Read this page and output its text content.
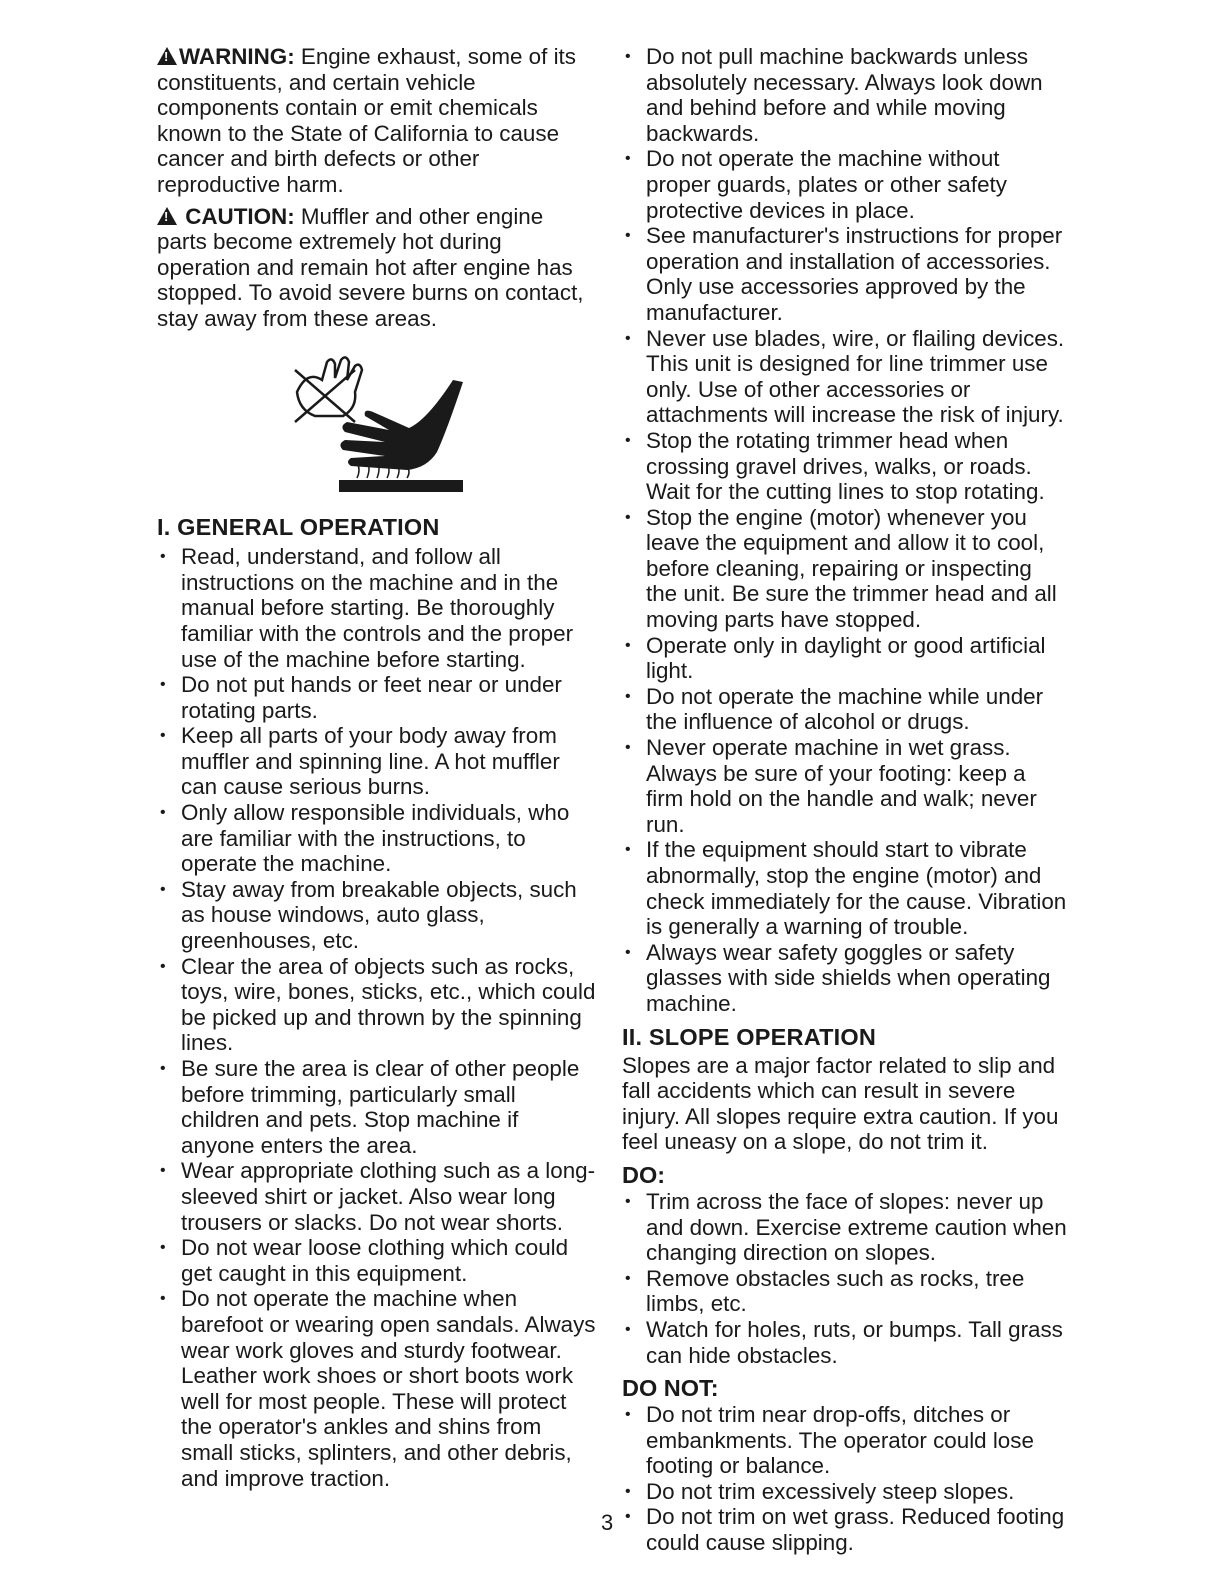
!WARNING: Engine exhaust, some of its constituents, and certain vehicle components contain or emit chemicals known to the State of California to cause cancer and birth defects or other reproductive harm.

! CAUTION: Muffler and other engine parts become extremely hot during operation and remain hot after engine has stopped. To avoid severe burns on contact, stay away from these areas.

I. GENERAL OPERATION
• Read, understand, and follow all instructions on the machine and in the manual before starting. Be thoroughly familiar with the controls and the proper use of the machine before starting.
• Do not put hands or feet near or under rotating parts.
• Keep all parts of your body away from muffler and spinning line. A hot muffler can cause serious burns.
• Only allow responsible individuals, who are familiar with the instructions, to operate the machine.
• Stay away from breakable objects, such as house windows, auto glass, greenhouses, etc.
• Clear the area of objects such as rocks, toys, wire, bones, sticks, etc., which could be picked up and thrown by the spinning lines.
• Be sure the area is clear of other people before trimming, particularly small children and pets. Stop machine if anyone enters the area.
• Wear appropriate clothing such as a long-sleeved shirt or jacket. Also wear long trousers or slacks. Do not wear shorts.
• Do not wear loose clothing which could get caught in this equipment.
• Do not operate the machine when barefoot or wearing open sandals. Always wear work gloves and sturdy footwear. Leather work shoes or short boots work well for most people. These will protect the operator's ankles and shins from small sticks, splinters, and other debris, and improve traction.
• Do not pull machine backwards unless absolutely necessary. Always look down and behind before and while moving backwards.
• Do not operate the machine without proper guards, plates or other safety protective devices in place.
• See manufacturer's instructions for proper operation and installation of accessories. Only use accessories approved by the manufacturer.
• Never use blades, wire, or flailing devices. This unit is designed for line trimmer use only. Use of other accessories or attachments will increase the risk of injury.
• Stop the rotating trimmer head when crossing gravel drives, walks, or roads. Wait for the cutting lines to stop rotating.
• Stop the engine (motor) whenever you leave the equipment and allow it to cool, before cleaning, repairing or inspecting the unit. Be sure the trimmer head and all moving parts have stopped.
• Operate only in daylight or good artificial light.
• Do not operate the machine while under the influence of alcohol or drugs.
• Never operate machine in wet grass. Always be sure of your footing: keep a firm hold on the handle and walk; never run.
• If the equipment should start to vibrate abnormally, stop the engine (motor) and check immediately for the cause. Vibration is generally a warning of trouble.
• Always wear safety goggles or safety glasses with side shields when operating machine.
II. SLOPE OPERATION

Slopes are a major factor related to slip and fall accidents which can result in severe injury. All slopes require extra caution. If you feel uneasy on a slope, do not trim it.

DO:
• Trim across the face of slopes: never up and down. Exercise extreme caution when changing direction on slopes.
• Remove obstacles such as rocks, tree limbs, etc.
• Watch for holes, ruts, or bumps. Tall grass can hide obstacles.
DO NOT:
• Do not trim near drop-offs, ditches or embankments. The operator could lose footing or balance.
• Do not trim excessively steep slopes.
• Do not trim on wet grass. Reduced footing could cause slipping.
3
